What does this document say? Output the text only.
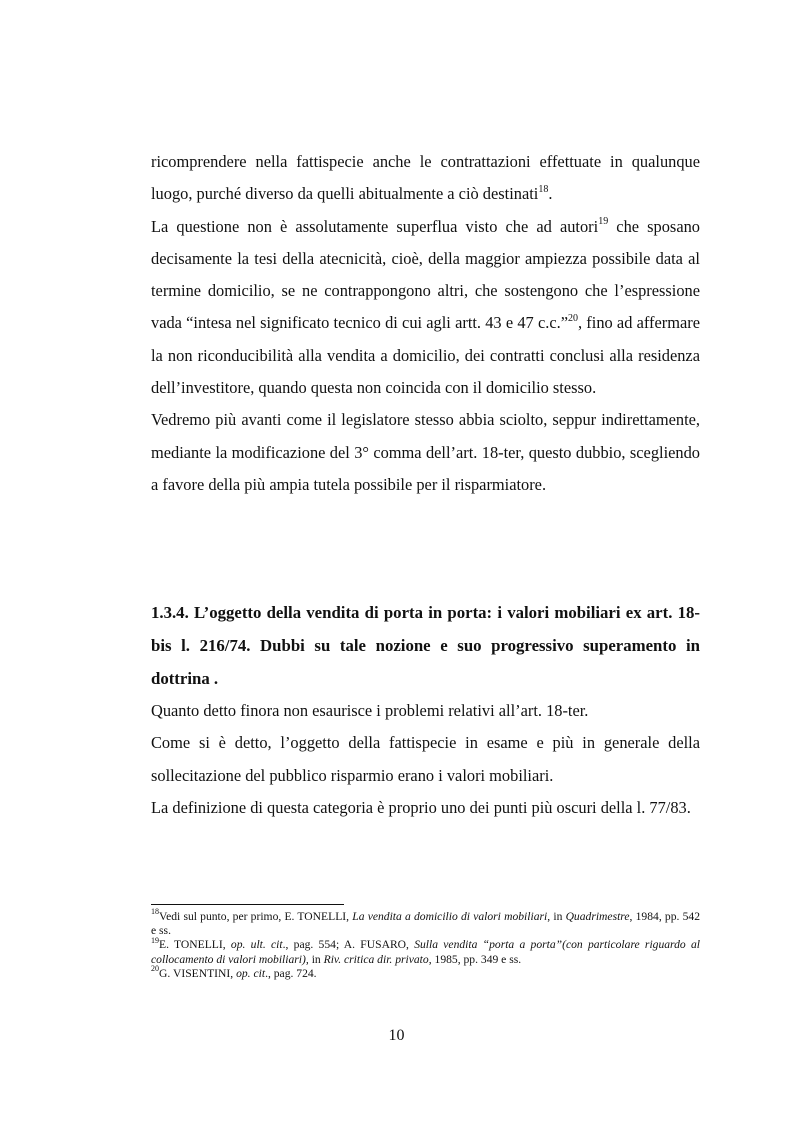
ricomprendere nella fattispecie anche le contrattazioni effettuate in qualunque luogo, purché diverso da quelli abitualmente a ciò destinati$^{18}$.

La questione non è assolutamente superflua visto che ad autori$^{19}$ che sposano decisamente la tesi della atecnicità, cioè, della maggior ampiezza possibile data al termine domicilio, se ne contrappongono altri, che sostengono che l’espressione vada “intesa nel significato tecnico di cui agli artt. 43 e 47 c.c.”$^{20}$, fino ad affermare la non riconducibilità alla vendita a domicilio, dei contratti conclusi alla residenza dell’investitore, quando questa non coincida con il domicilio stesso.

Vedremo più avanti come il legislatore stesso abbia sciolto, seppur indirettamente, mediante la modificazione del 3° comma dell’art. 18-ter, questo dubbio, scegliendo a favore della più ampia tutela possibile per il risparmiatore.

1.3.4. L’oggetto della vendita di porta in porta: i valori mobiliari ex art. 18-bis l. 216/74. Dubbi su tale nozione e suo progressivo superamento in dottrina .

Quanto detto finora non esaurisce i problemi relativi all’art. 18-ter.

Come si è detto, l’oggetto della fattispecie in esame e più in generale della sollecitazione del pubblico risparmio erano i valori mobiliari.

La definizione di questa categoria è proprio uno dei punti più oscuri della l. 77/83.

$^{18}$Vedi sul punto, per primo, E. TONELLI, La vendita a domicilio di valori mobiliari, in Quadrimestre, 1984, pp. 542 e ss.

$^{19}$E. TONELLI, op. ult. cit., pag. 554; A. FUSARO, Sulla vendita “porta a porta”(con particolare riguardo al collocamento di valori mobiliari), in Riv. critica dir. privato, 1985, pp. 349 e ss.

$^{20}$G. VISENTINI, op. cit., pag. 724.

10
